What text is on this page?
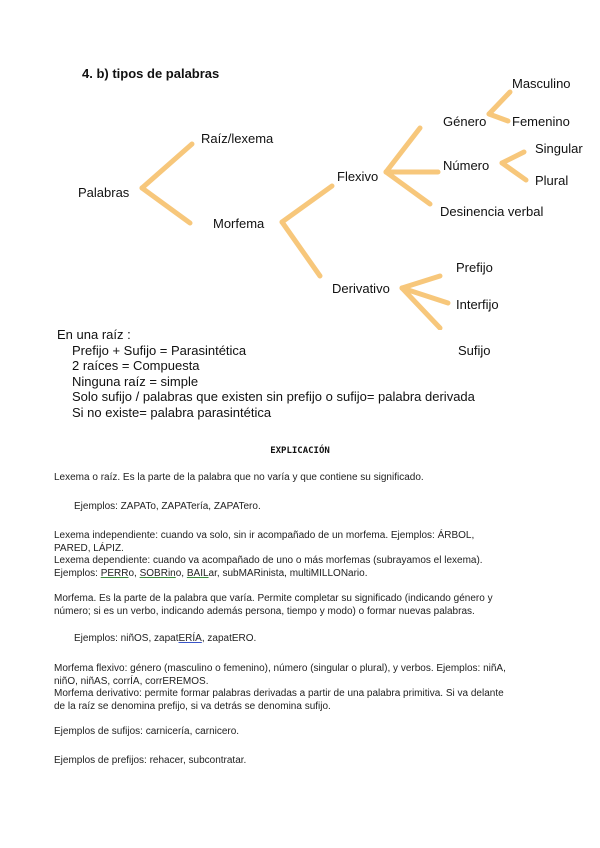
4. b) tipos de palabras
Palabras
Raíz/lexema
Morfema
Flexivo
Derivativo
Género
Número
Desinencia verbal
Masculino
Femenino
Singular
Plural
Prefijo
Interfijo
Sufijo
En una raíz :
Prefijo + Sufijo = Parasintética
2 raíces = Compuesta
Ninguna raíz = simple
Solo sufijo / palabras que existen sin prefijo o sufijo= palabra derivada
Si no existe= palabra parasintética
EXPLICACIÓN
Lexema o raíz. Es la parte de la palabra que no varía y que contiene su significado.
Ejemplos: ZAPATo, ZAPATería, ZAPATero.
Lexema independiente: cuando va solo, sin ir acompañado de un morfema. Ejemplos: ÁRBOL,
PARED, LÁPIZ.
Lexema dependiente: cuando va acompañado de uno o más morfemas (subrayamos el lexema).
Ejemplos: PERRo, SOBRino, BAILar, subMARinista, multiMILLONario.
Morfema. Es la parte de la palabra que varía. Permite completar su significado (indicando género y
número; si es un verbo, indicando además persona, tiempo y modo) o formar nuevas palabras.
Ejemplos: niñOS, zapatERÍA, zapatERO.
Morfema flexivo: género (masculino o femenino), número (singular o plural), y verbos. Ejemplos: niñA,
niñO, niñAS, corrÍA, corrEREMOS.
Morfema derivativo: permite formar palabras derivadas a partir de una palabra primitiva. Si va delante
de la raíz se denomina prefijo, si va detrás se denomina sufijo.
Ejemplos de sufijos: carnicería, carnicero.
Ejemplos de prefijos: rehacer, subcontratar.
